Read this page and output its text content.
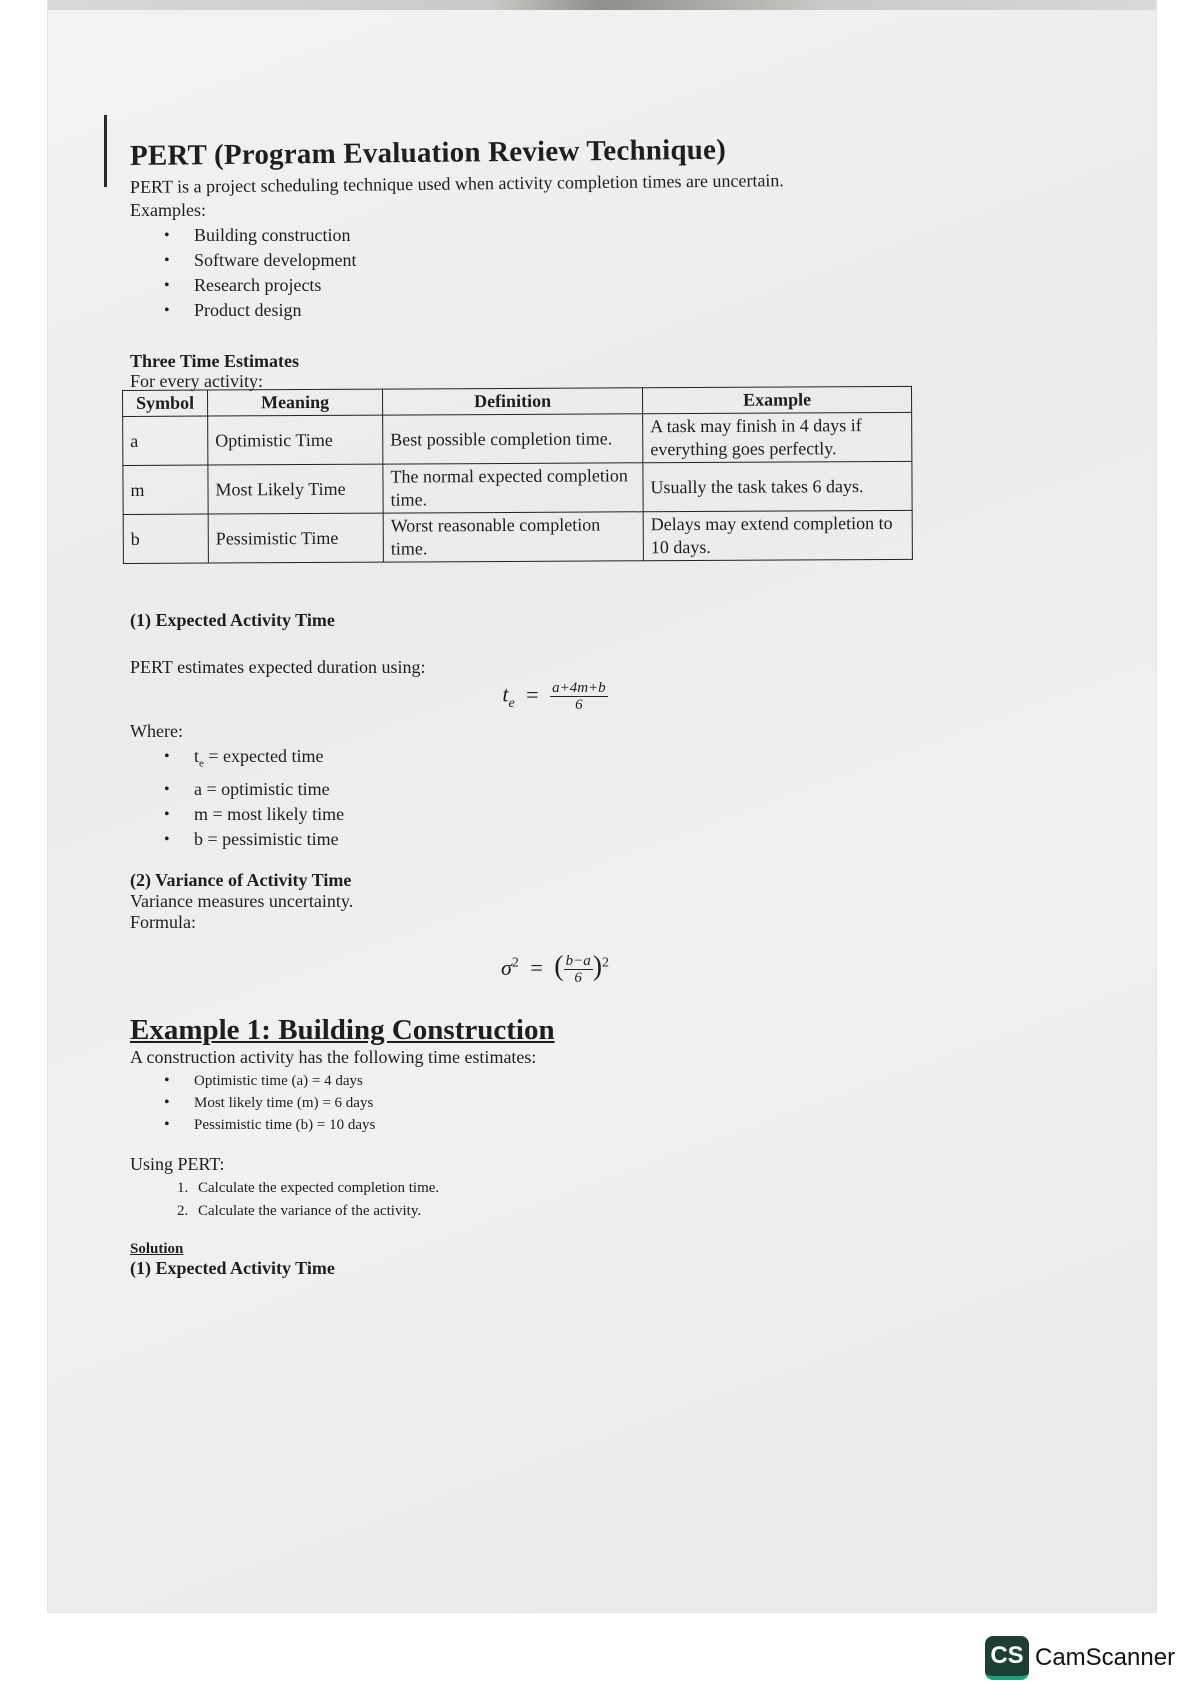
PERT (Program Evaluation Review Technique)
PERT is a project scheduling technique used when activity completion times are uncertain.
Examples:
• Building construction
• Software development
• Research projects
• Product design
Three Time Estimates
For every activity:
Symbol	Meaning	Definition	Example
a	Optimistic Time	Best possible completion time.	A task may finish in 4 days if everything goes perfectly.
m	Most Likely Time	The normal expected completion time.	Usually the task takes 6 days.
b	Pessimistic Time	Worst reasonable completion time.	Delays may extend completion to 10 days.
(1) Expected Activity Time
PERT estimates expected duration using:
$t_e = \frac{a+4m+b}{6}$
Where:
• $t_e$ = expected time
• a = optimistic time
• m = most likely time
• b = pessimistic time
(2) Variance of Activity Time
Variance measures uncertainty.
Formula:
$\sigma^2$ = ( $\frac{b-a}{6} )^2$
Example 1: Building Construction
A construction activity has the following time estimates:
• Optimistic time (a) = 4 days
• Most likely time (m) = 6 days
• Pessimistic time (b) = 10 days
Using PERT:
1. Calculate the expected completion time.
2. Calculate the variance of the activity.
Solution
(1) Expected Activity Time
CS CamScanner
